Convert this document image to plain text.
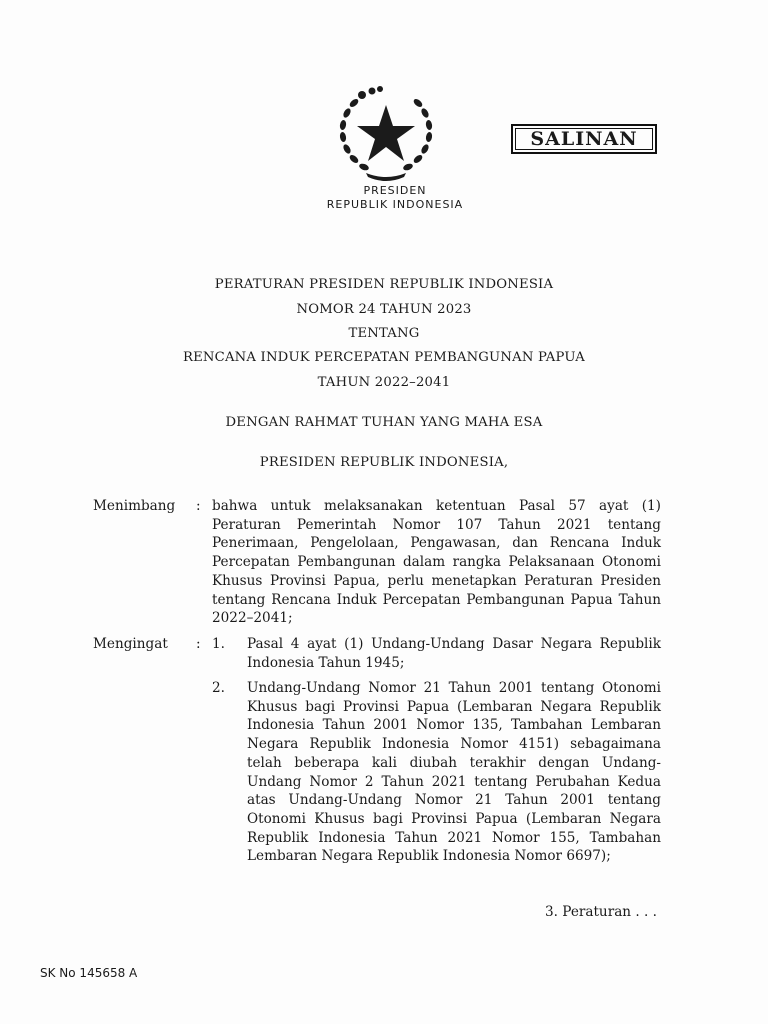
SALINAN
PRESIDEN
REPUBLIK INDONESIA
PERATURAN PRESIDEN REPUBLIK INDONESIA
NOMOR 24 TAHUN 2023
TENTANG
RENCANA INDUK PERCEPATAN PEMBANGUNAN PAPUA
TAHUN 2022–2041
DENGAN RAHMAT TUHAN YANG MAHA ESA
PRESIDEN REPUBLIK INDONESIA,
Menimbang : bahwa untuk melaksanakan ketentuan Pasal 57 ayat (1) Peraturan Pemerintah Nomor 107 Tahun 2021 tentang Penerimaan, Pengelolaan, Pengawasan, dan Rencana Induk Percepatan Pembangunan dalam rangka Pelaksanaan Otonomi Khusus Provinsi Papua, perlu menetapkan Peraturan Presiden tentang Rencana Induk Percepatan Pembangunan Papua Tahun 2022–2041;
Mengingat : 1. Pasal 4 ayat (1) Undang-Undang Dasar Negara Republik Indonesia Tahun 1945;
2. Undang-Undang Nomor 21 Tahun 2001 tentang Otonomi Khusus bagi Provinsi Papua (Lembaran Negara Republik Indonesia Tahun 2001 Nomor 135, Tambahan Lembaran Negara Republik Indonesia Nomor 4151) sebagaimana telah beberapa kali diubah terakhir dengan Undang-Undang Nomor 2 Tahun 2021 tentang Perubahan Kedua atas Undang-Undang Nomor 21 Tahun 2001 tentang Otonomi Khusus bagi Provinsi Papua (Lembaran Negara Republik Indonesia Tahun 2021 Nomor 155, Tambahan Lembaran Negara Republik Indonesia Nomor 6697);
3. Peraturan . . .
SK No 145658 A
